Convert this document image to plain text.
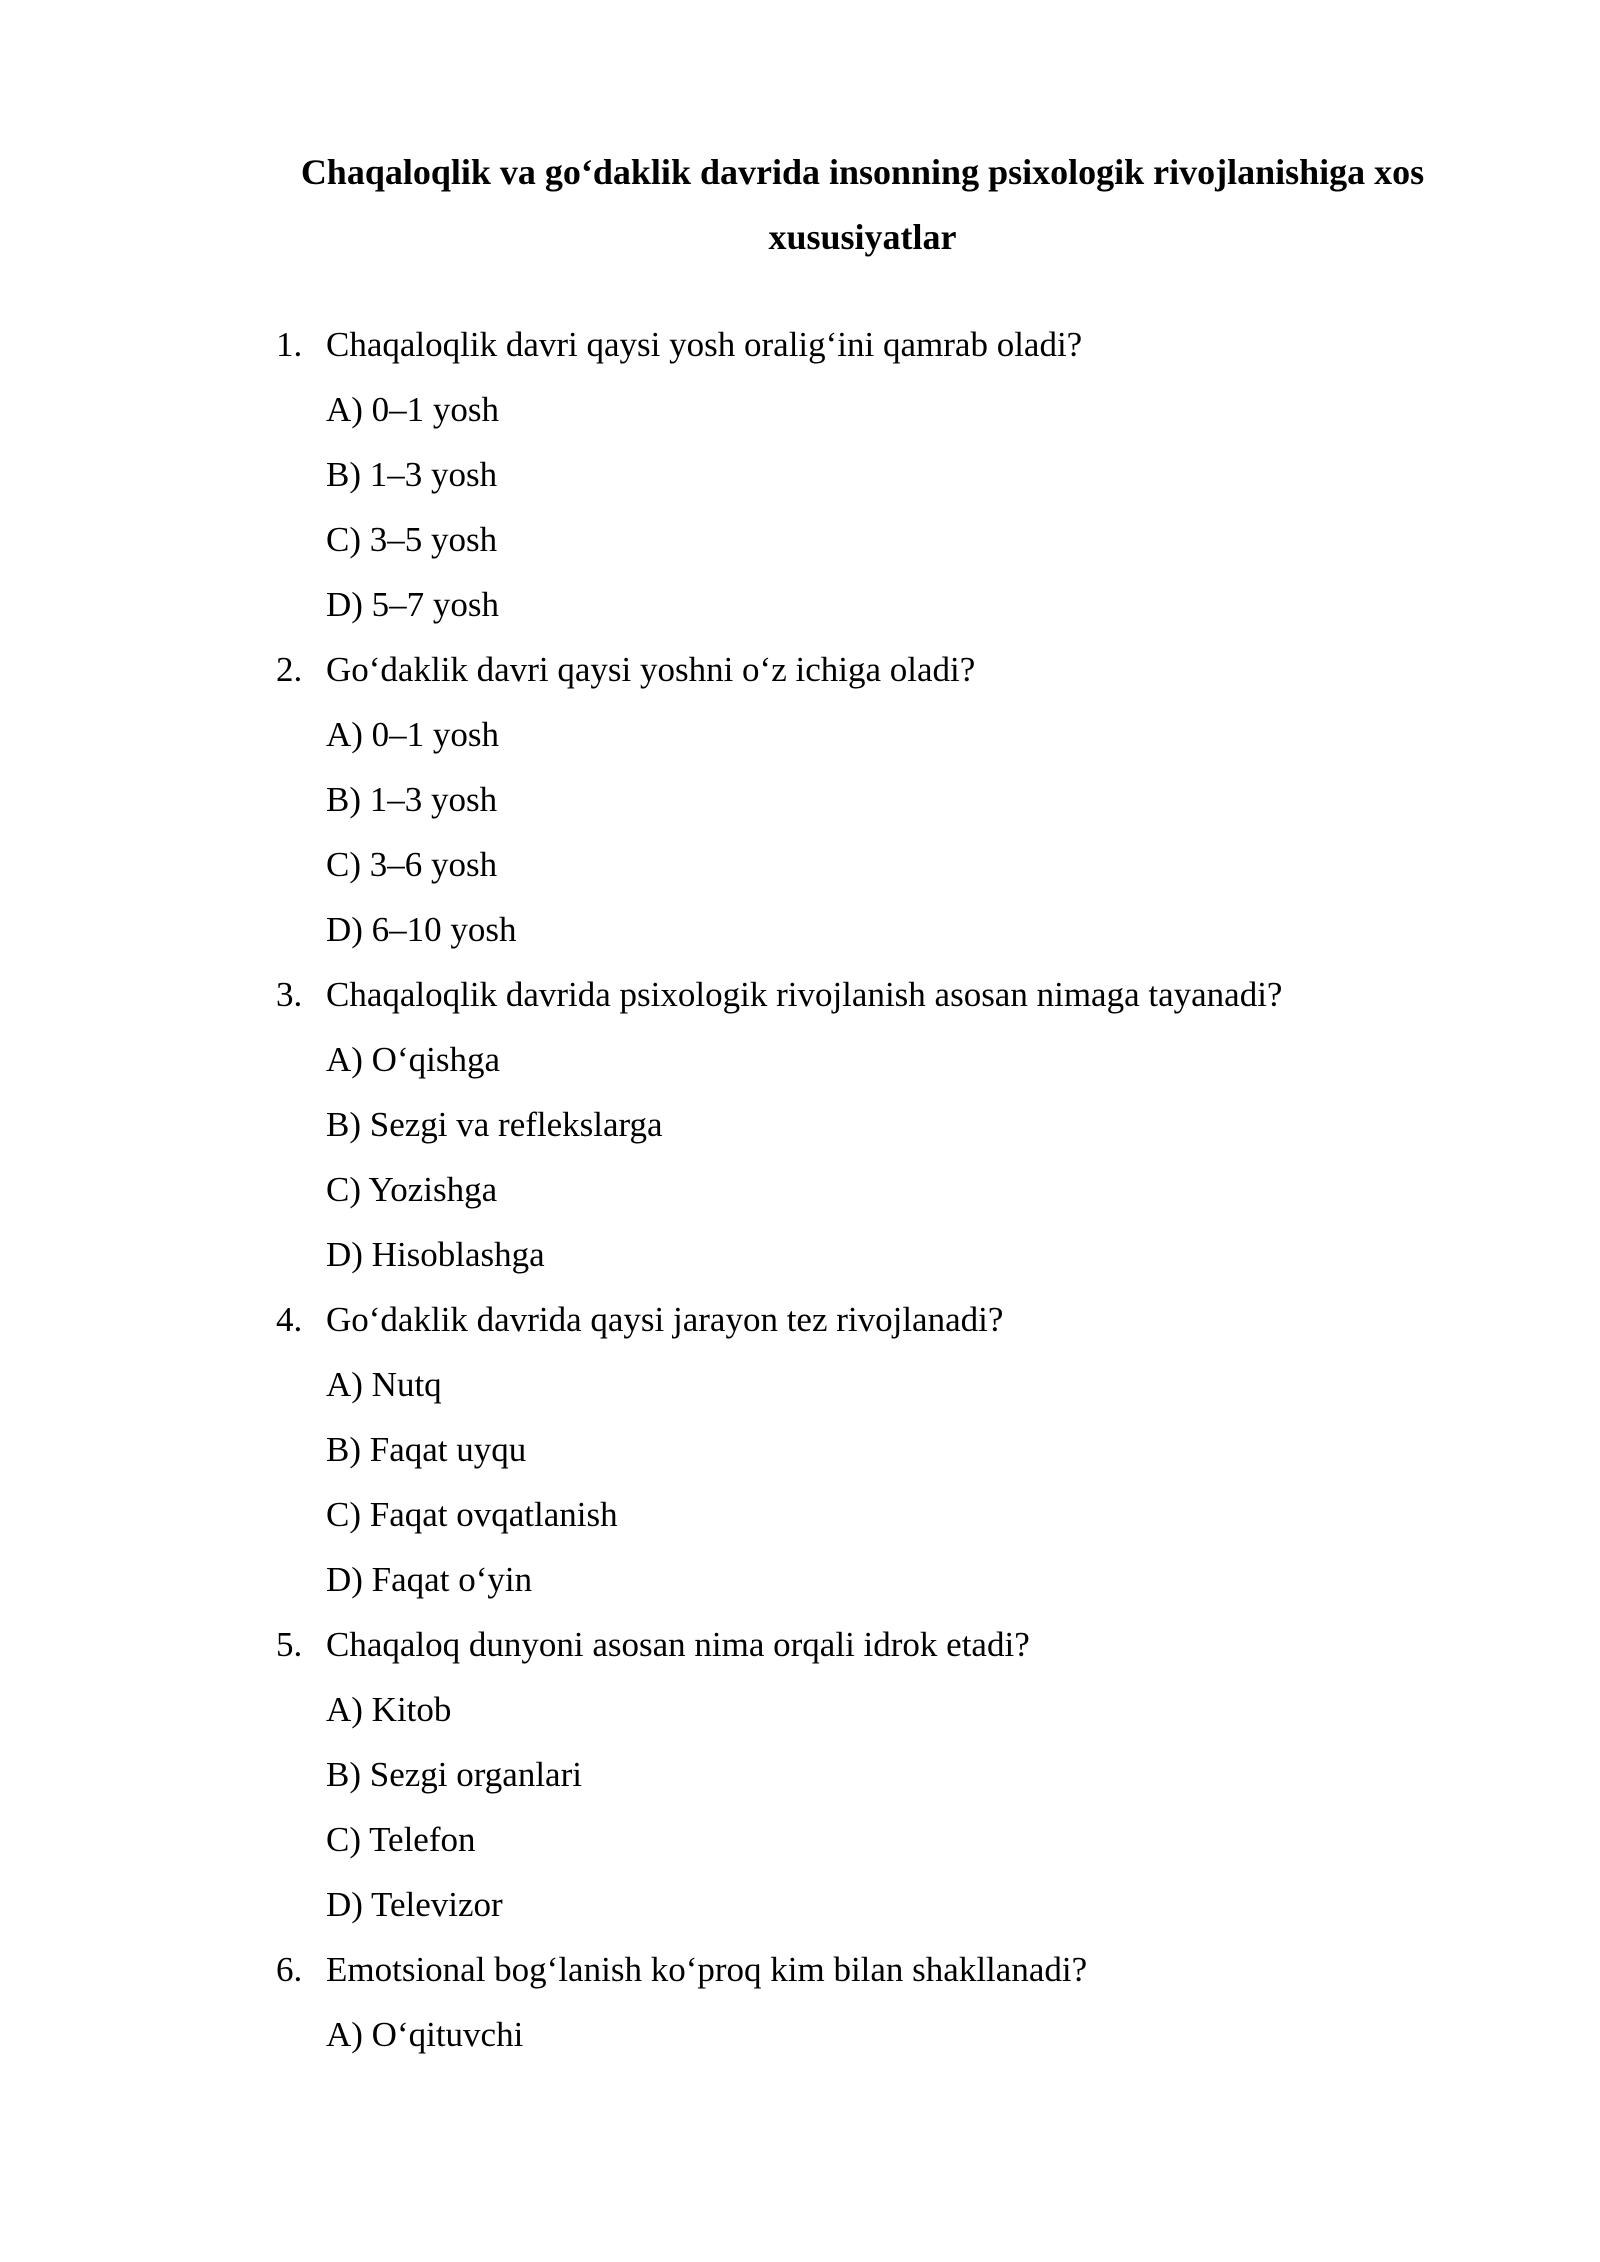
Chaqaloqlik va go‘daklik davrida insonning psixologik rivojlanishiga xos xususiyatlar
1. Chaqaloqlik davri qaysi yosh oralig‘ini qamrab oladi?
A) 0–1 yosh
B) 1–3 yosh
C) 3–5 yosh
D) 5–7 yosh
2. Go‘daklik davri qaysi yoshni o‘z ichiga oladi?
A) 0–1 yosh
B) 1–3 yosh
C) 3–6 yosh
D) 6–10 yosh
3. Chaqaloqlik davrida psixologik rivojlanish asosan nimaga tayanadi?
A) O‘qishga
B) Sezgi va reflekslarga
C) Yozishga
D) Hisoblashga
4. Go‘daklik davrida qaysi jarayon tez rivojlanadi?
A) Nutq
B) Faqat uyqu
C) Faqat ovqatlanish
D) Faqat o‘yin
5. Chaqaloq dunyoni asosan nima orqali idrok etadi?
A) Kitob
B) Sezgi organlari
C) Telefon
D) Televizor
6. Emotsional bog‘lanish ko‘proq kim bilan shakllanadi?
A) O‘qituvchi
